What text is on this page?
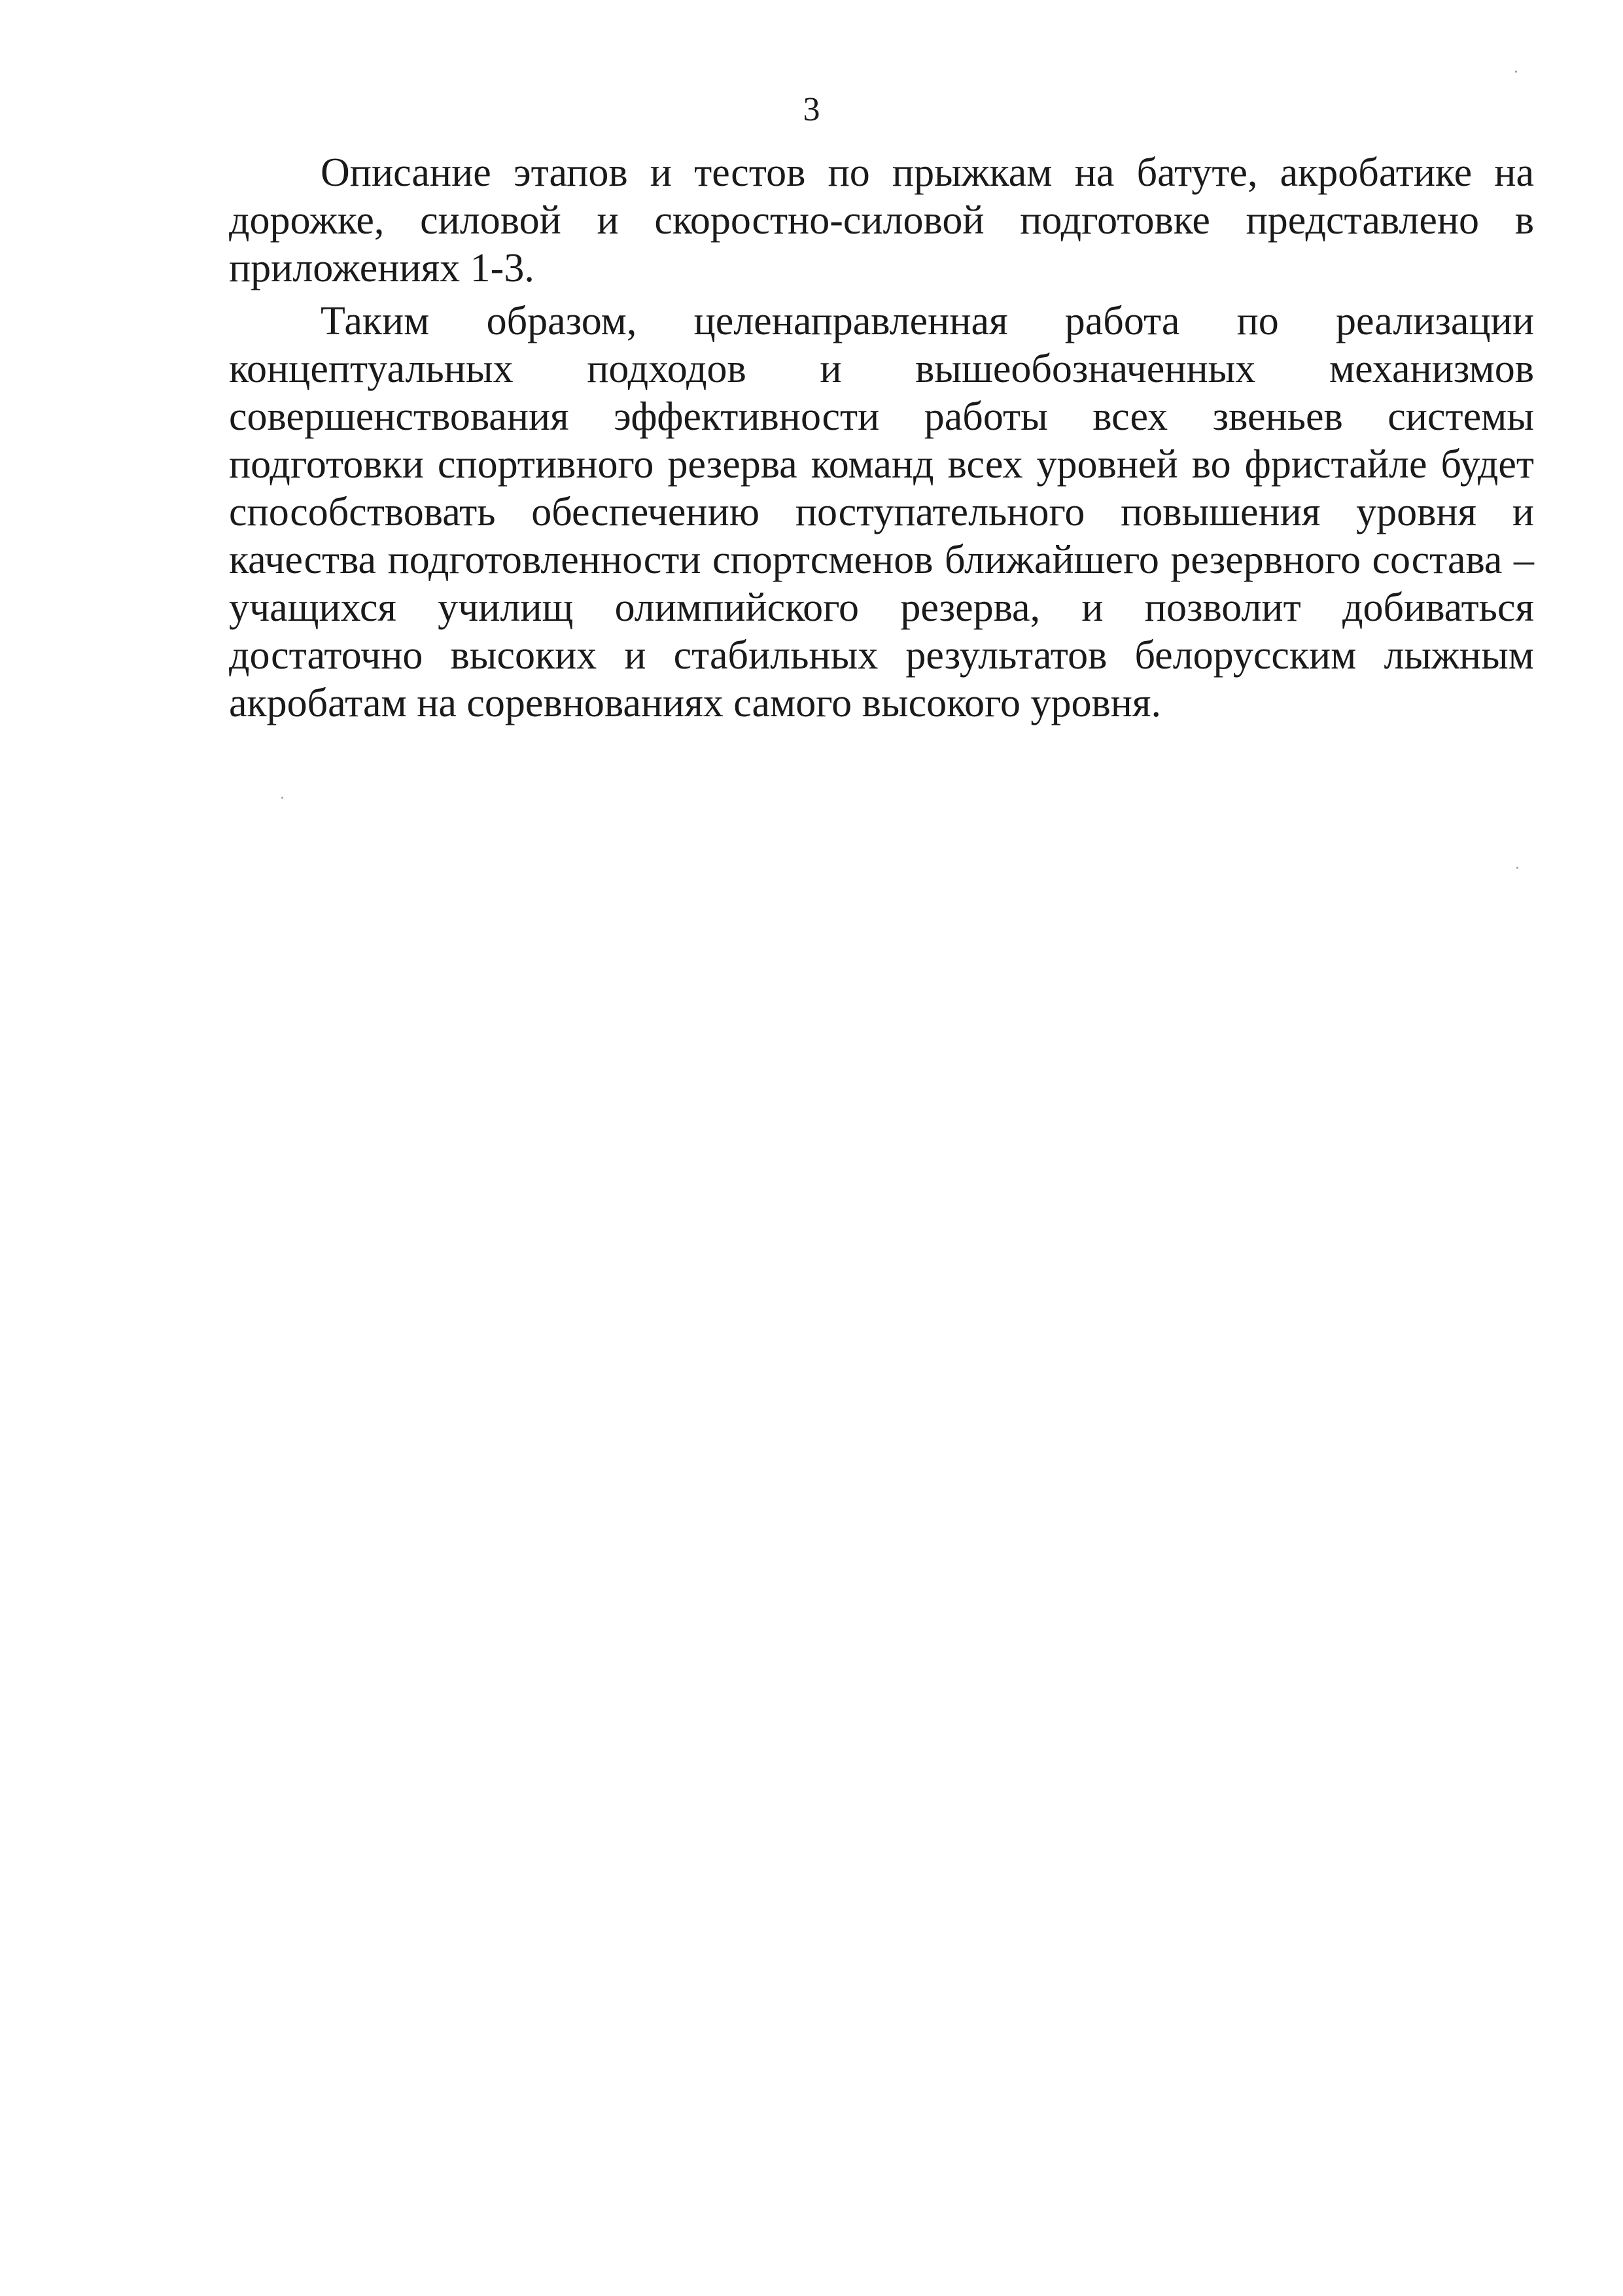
3
Описание этапов и тестов по прыжкам на батуте, акробатике на
дорожке, силовой и скоростно-силовой подготовке представлено в
приложениях 1-3.
Таким образом, целенаправленная работа по реализации
концептуальных подходов и вышеобозначенных механизмов
совершенствования эффективности работы всех звеньев системы
подготовки спортивного резерва команд всех уровней во фристайле будет
способствовать обеспечению поступательного повышения уровня и
качества подготовленности спортсменов ближайшего резервного состава –
учащихся училищ олимпийского резерва, и позволит добиваться
достаточно высоких и стабильных результатов белорусским лыжным
акробатам на соревнованиях самого высокого уровня.
